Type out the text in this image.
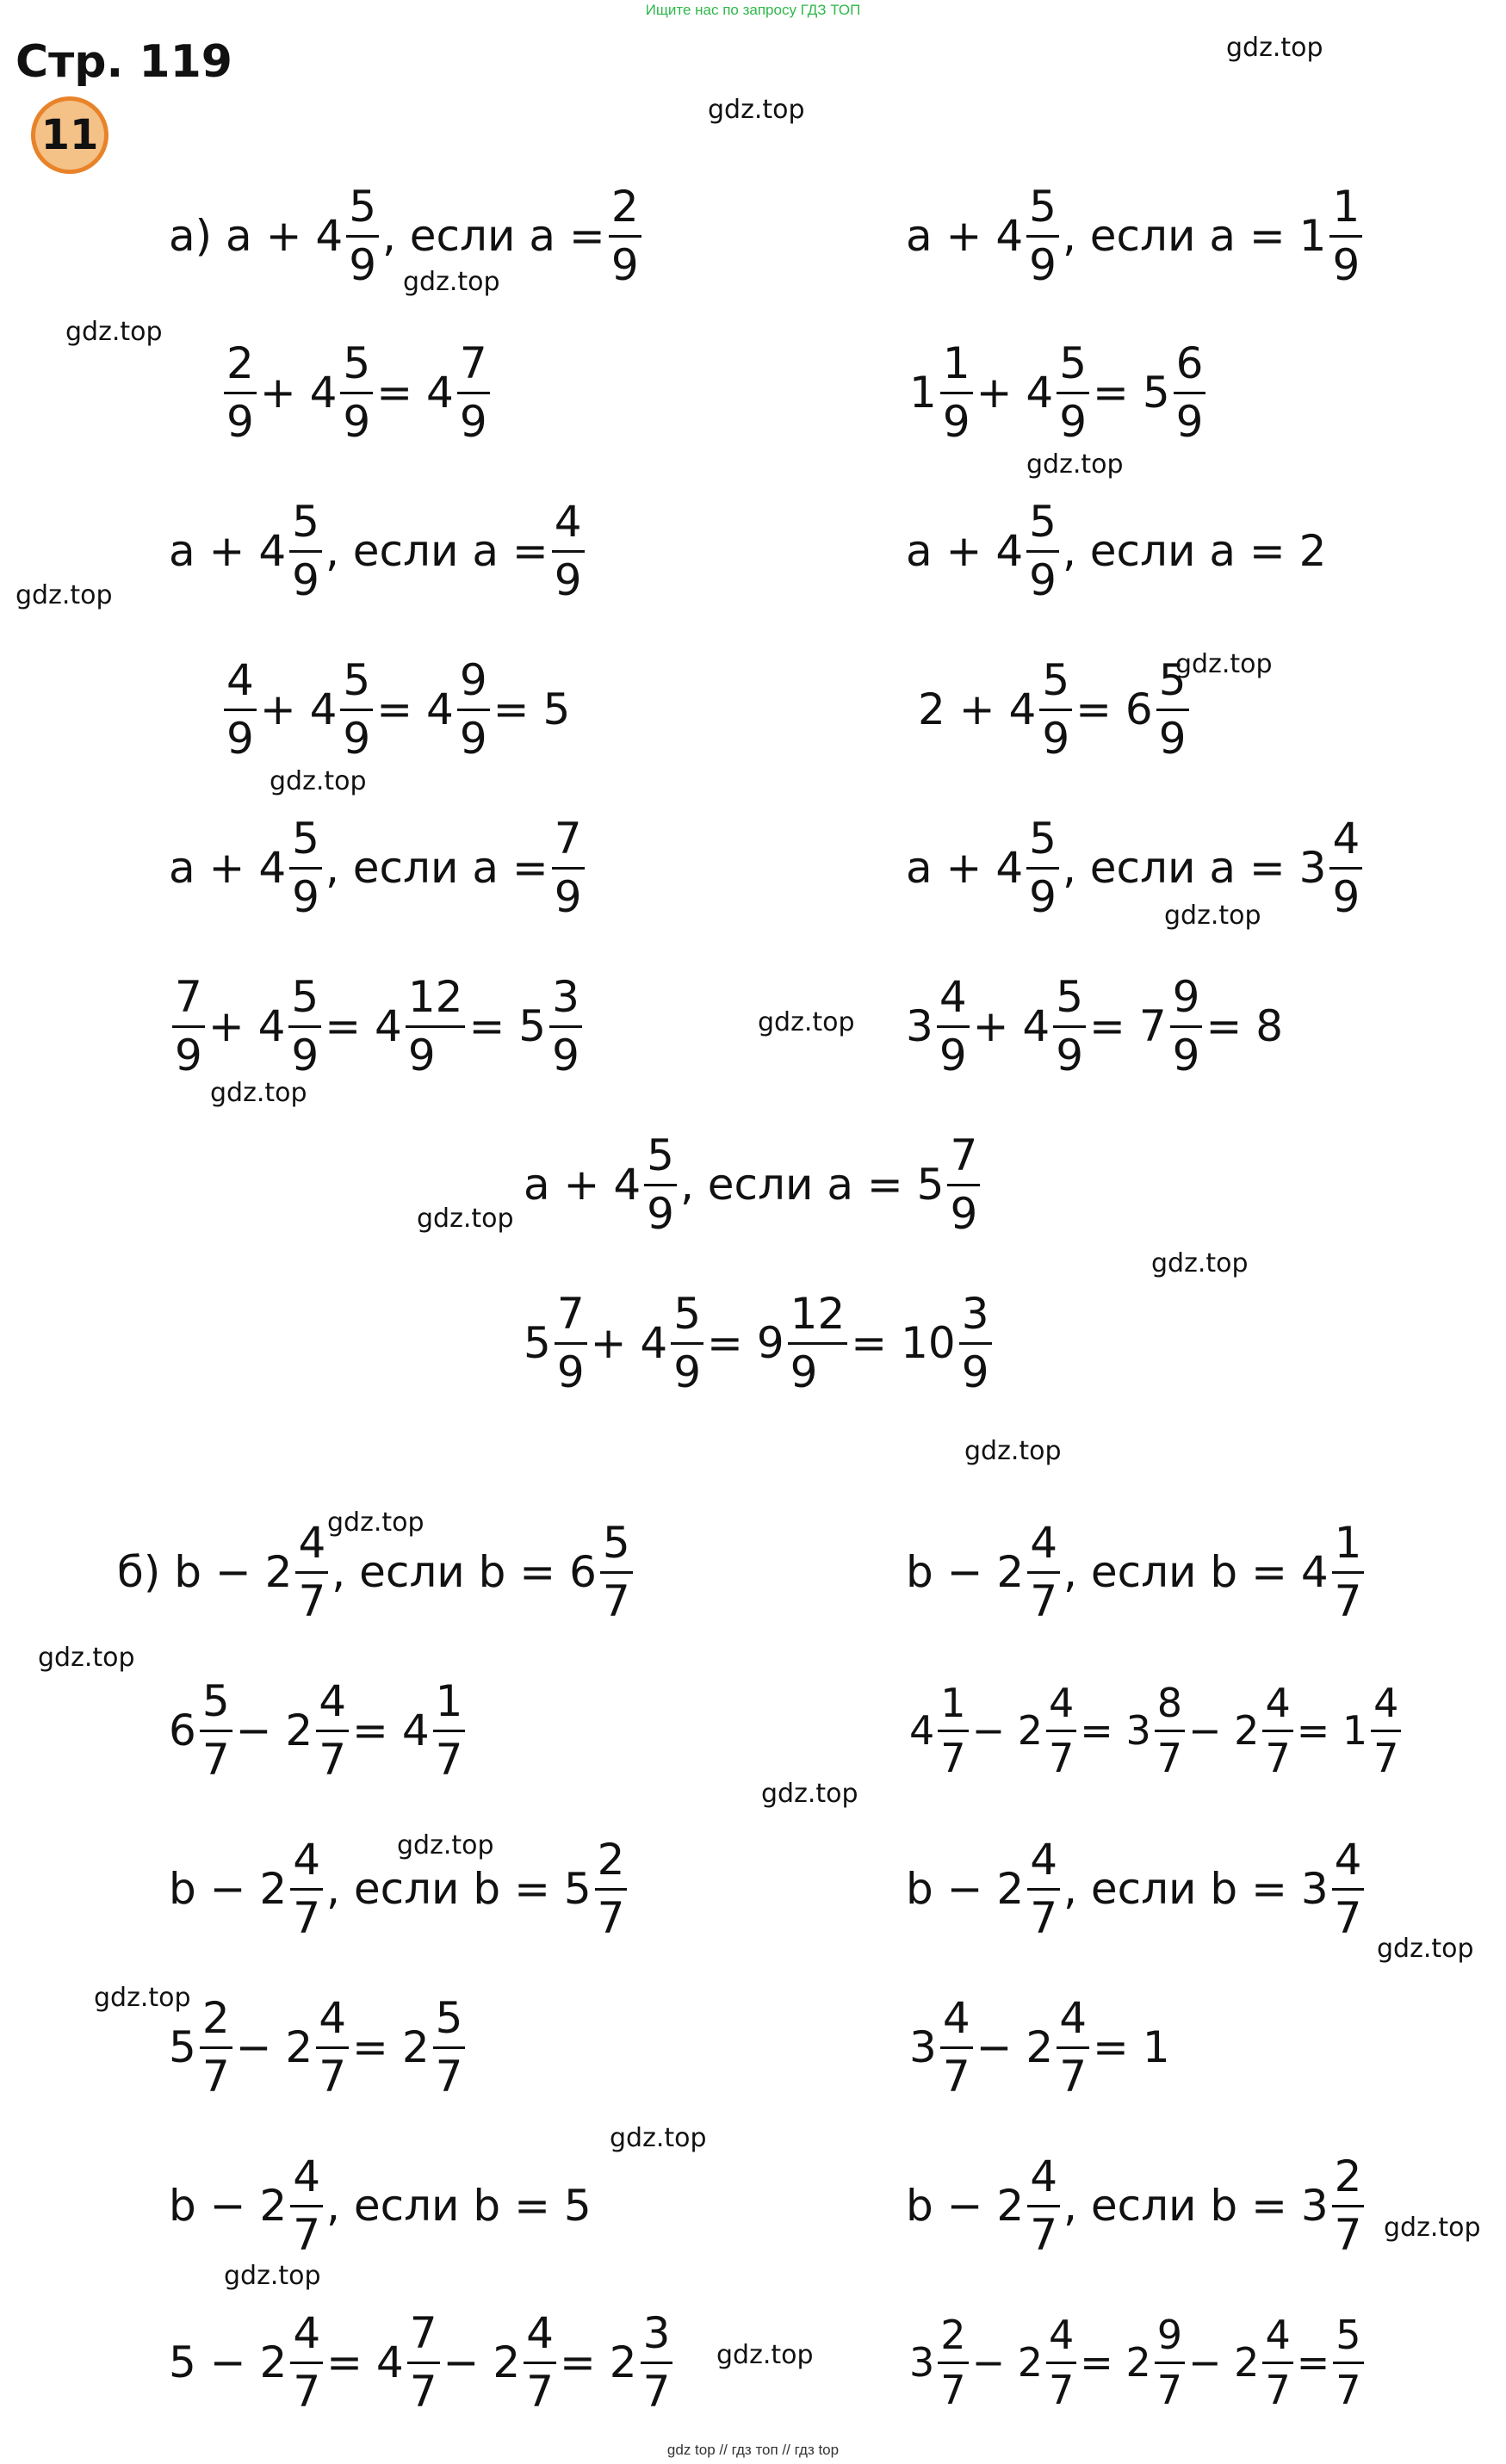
Ищите нас по запросу ГДЗ ТОП
Стр. 119
11
gdz.top
gdz.top
gdz.top
gdz.top
gdz.top
gdz.top
gdz.top
gdz.top
gdz.top
gdz.top
gdz.top
gdz.top
gdz.top
gdz.top
gdz.top
gdz.top
gdz.top
gdz.top
gdz.top
gdz.top
gdz.top
gdz.top
gdz.top
gdz.top
а) $a + 4 \frac{5}{9}$ , если $a = \frac{2}{9}$
$\frac{2}{9} + 4 \frac{5}{9} = 4 \frac{7}{9}$
$a + 4 \frac{5}{9}$ , если $a = \frac{4}{9}$
$\frac{4}{9} + 4 \frac{5}{9} = 4 \frac{9}{9} = 5$
$a + 4 \frac{5}{9}$ , если $a = \frac{7}{9}$
$\frac{7}{9} + 4 \frac{5}{9} = 4 \frac{12}{9} = 5 \frac{3}{9}$
$a + 4 \frac{5}{9}$ , если $a = 1 \frac{1}{9}$
$1 \frac{1}{9} + 4 \frac{5}{9} = 5 \frac{6}{9}$
$a + 4 \frac{5}{9}$ , если a = 2
$2 + 4 \frac{5}{9} = 6 \frac{5}{9}$
$a + 4 \frac{5}{9}$ , если $a = 3 \frac{4}{9}$
$3 \frac{4}{9} + 4 \frac{5}{9} = 7 \frac{9}{9} = 8$
$a + 4 \frac{5}{9}$ , если $a = 5 \frac{7}{9}$
$5 \frac{7}{9} + 4 \frac{5}{9} = 9 \frac{12}{9} = 10 \frac{3}{9}$
б) $b - 2 \frac{4}{7}$ , если $b = 6 \frac{5}{7}$
$6 \frac{5}{7} - 2 \frac{4}{7} = 4 \frac{1}{7}$
$b - 2 \frac{4}{7}$ , если $b = 5 \frac{2}{7}$
$5 \frac{2}{7} - 2 \frac{4}{7} = 2 \frac{5}{7}$
$b - 2 \frac{4}{7}$ , если b = 5
$5 - 2 \frac{4}{7} = 4 \frac{7}{7} - 2 \frac{4}{7} = 2 \frac{3}{7}$
$b - 2 \frac{4}{7}$ , если $b = 4 \frac{1}{7}$
$4 \frac{1}{7} - 2 \frac{4}{7} = 3 \frac{8}{7} - 2 \frac{4}{7} = 1 \frac{4}{7}$
$b - 2 \frac{4}{7}$ , если $b = 3 \frac{4}{7}$
$3 \frac{4}{7} - 2 \frac{4}{7} = 1$
$b - 2 \frac{4}{7}$ , если $b = 3 \frac{2}{7}$
$3 \frac{2}{7} - 2 \frac{4}{7} = 2 \frac{9}{7} - 2 \frac{4}{7} = \frac{5}{7}$
gdz top // гдз топ // гдз top
